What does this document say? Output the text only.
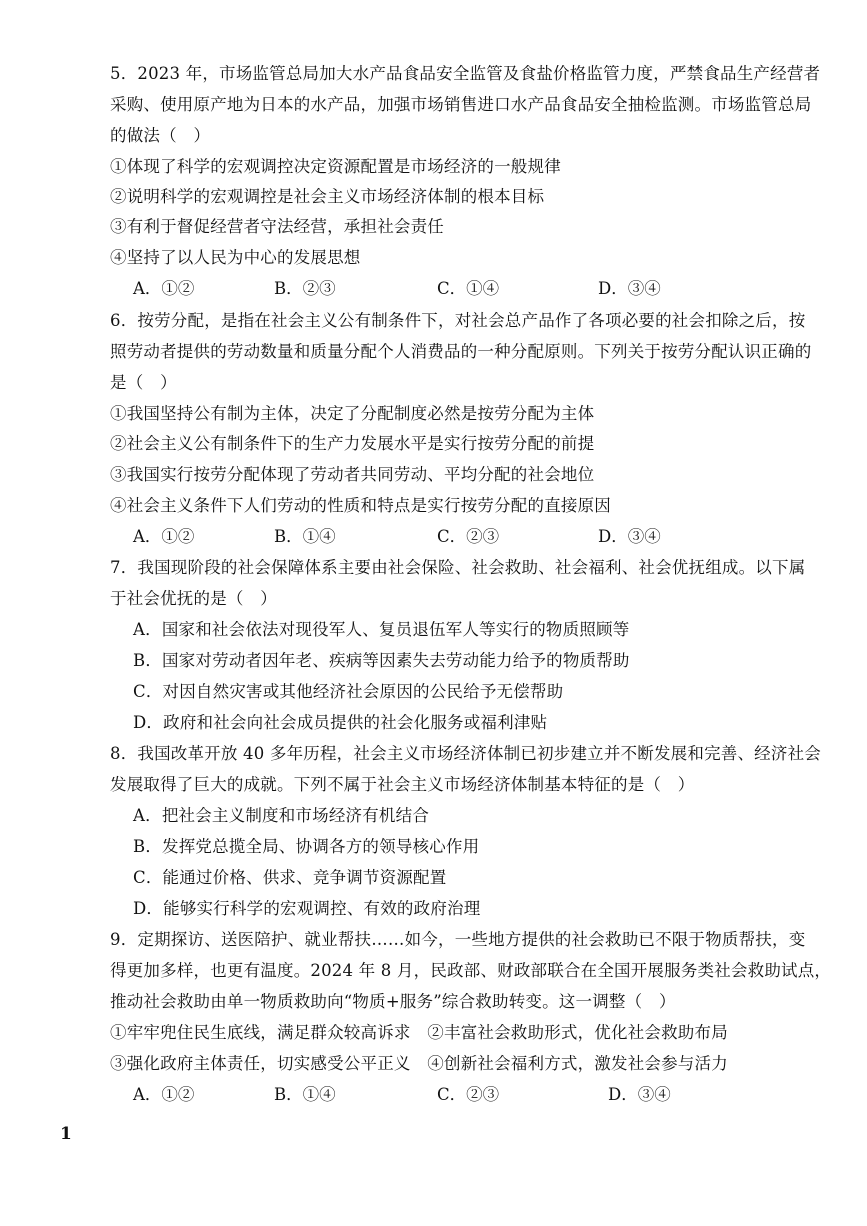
5．2023 年，市场监管总局加大水产品食品安全监管及食盐价格监管力度，严禁食品生产经营者
采购、使用原产地为日本的水产品，加强市场销售进口水产品食品安全抽检监测。市场监管总局
的做法（　）
①体现了科学的宏观调控决定资源配置是市场经济的一般规律
②说明科学的宏观调控是社会主义市场经济体制的根本目标
③有利于督促经营者守法经营，承担社会责任
④坚持了以人民为中心的发展思想
A．①②	B．②③	C．①④	D．③④
6．按劳分配，是指在社会主义公有制条件下，对社会总产品作了各项必要的社会扣除之后，按
照劳动者提供的劳动数量和质量分配个人消费品的一种分配原则。下列关于按劳分配认识正确的
是（　）
①我国坚持公有制为主体，决定了分配制度必然是按劳分配为主体
②社会主义公有制条件下的生产力发展水平是实行按劳分配的前提
③我国实行按劳分配体现了劳动者共同劳动、平均分配的社会地位
④社会主义条件下人们劳动的性质和特点是实行按劳分配的直接原因
A．①②	B．①④	C．②③	D．③④
7．我国现阶段的社会保障体系主要由社会保险、社会救助、社会福利、社会优抚组成。以下属
于社会优抚的是（　）
A．国家和社会依法对现役军人、复员退伍军人等实行的物质照顾等
B．国家对劳动者因年老、疾病等因素失去劳动能力给予的物质帮助
C．对因自然灾害或其他经济社会原因的公民给予无偿帮助
D．政府和社会向社会成员提供的社会化服务或福利津贴
8．我国改革开放 40 多年历程，社会主义市场经济体制已初步建立并不断发展和完善、经济社会
发展取得了巨大的成就。下列不属于社会主义市场经济体制基本特征的是（　）
A．把社会主义制度和市场经济有机结合
B．发挥党总揽全局、协调各方的领导核心作用
C．能通过价格、供求、竞争调节资源配置
D．能够实行科学的宏观调控、有效的政府治理
9．定期探访、送医陪护、就业帮扶……如今，一些地方提供的社会救助已不限于物质帮扶，变
得更加多样，也更有温度。2024 年 8 月，民政部、财政部联合在全国开展服务类社会救助试点，
推动社会救助由单一物质救助向“物质+服务”综合救助转变。这一调整（　）
①牢牢兜住民生底线，满足群众较高诉求　②丰富社会救助形式，优化社会救助布局
③强化政府主体责任，切实感受公平正义　④创新社会福利方式，激发社会参与活力
A．①②	B．①④	C．②③	D．③④
1
